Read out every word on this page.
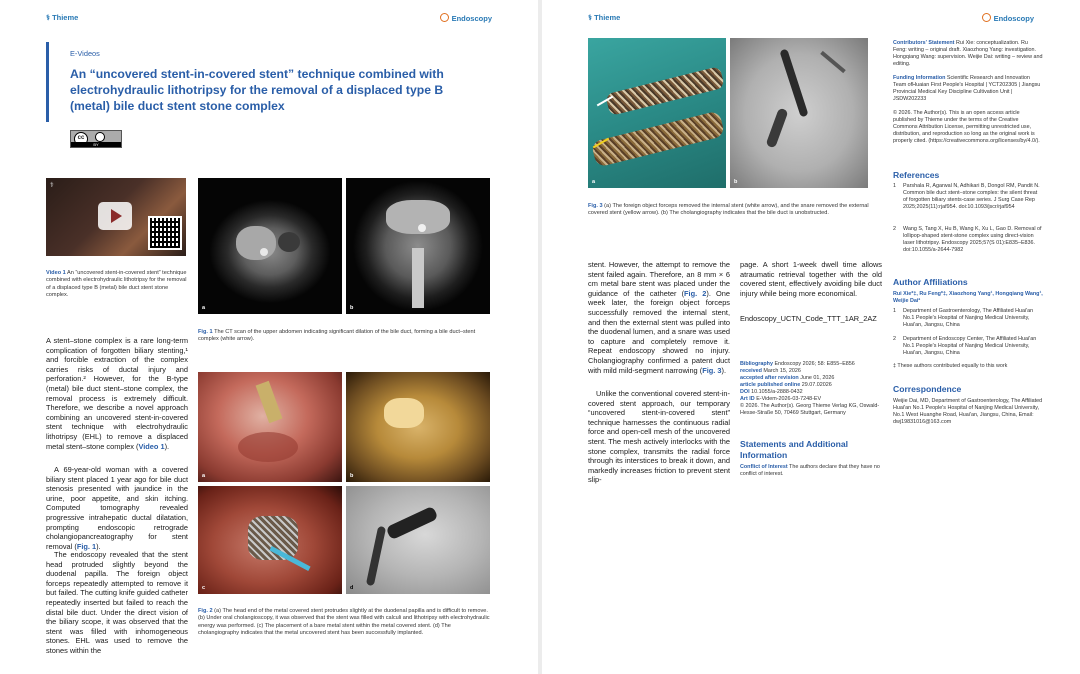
⚕ Thieme	Endoscopy
E-Videos
An “uncovered stent-in-covered stent” technique combined with electrohydraulic lithotripsy for the removal of a displaced type B (metal) bile duct stent stone complex
cc
BY
⚕
Video 1 An “uncovered stent-in-covered stent” technique combined with electrohydraulic lithotripsy for the removal of a displaced type B (metal) bile duct stent stone complex.
a	b
Fig. 1 The CT scan of the upper abdomen indicating significant dilation of the bile duct, forming a bile duct–stent complex (white arrow).
a	b
c	d
Fig. 2 (a) The head end of the metal covered stent protrudes slightly at the duodenal papilla and is difficult to remove. (b) Under oral cholangioscopy, it was observed that the stent was filled with calculi and lithotripsy with electrohydraulic energy was performed. (c) The placement of a bare metal stent within the metal covered stent. (d) The cholangiography indicates that the metal uncovered stent has been successfully implanted.
A stent–stone complex is a rare long-term complication of forgotten biliary stenting,¹ and forcible extraction of the complex carries risks of ductal injury and perforation.² However, for the B-type (metal) bile duct stent–stone complex, the removal process is extremely difficult. Therefore, we describe a novel approach combining an uncovered stent-in-covered stent technique with electrohydraulic lithotripsy (EHL) to remove a displaced metal stent–stone complex (Video 1).
A 69-year-old woman with a covered biliary stent placed 1 year ago for bile duct stenosis presented with jaundice in the urine, poor appetite, and skin itching. Computed tomography revealed progressive intrahepatic ductal dilatation, prompting endoscopic retrograde cholangiopancreatography for stent removal (Fig. 1).
The endoscopy revealed that the stent head protruded slightly beyond the duodenal papilla. The foreign object forceps repeatedly attempted to remove it but failed. The cutting knife guided catheter repeatedly inserted but failed to reach the distal bile duct. Under the direct vision of the biliary scope, it was observed that the stent was filled with inhomogeneous stones. EHL was used to remove the stones within the
⚕ Thieme	Endoscopy
a	b
Fig. 3 (a) The foreign object forceps removed the internal stent (white arrow), and the snare removed the external covered stent (yellow arrow). (b) The cholangiography indicates that the bile duct is unobstructed.
stent. However, the attempt to remove the stent failed again. Therefore, an 8 mm × 6 cm metal bare stent was placed under the guidance of the catheter (Fig. 2). One week later, the foreign object forceps successfully removed the internal stent, and then the external stent was pulled into the duodenal lumen, and a snare was used to capture and completely remove it. Repeat endoscopy showed no injury. Cholangiography confirmed a patent duct with mild mild-segment narrowing (Fig. 3).
Unlike the conventional covered stent-in-covered stent approach, our temporary “uncovered stent-in-covered stent” technique harnesses the continuous radial force and open-cell mesh of the uncovered stent. The mesh actively interlocks with the stone complex, transmits the radial force through its interstices to break it down, and markedly increases friction to prevent stent slip-
page. A short 1-week dwell time allows atraumatic retrieval together with the old covered stent, effectively avoiding bile duct injury while being more economical.
Endoscopy_UCTN_Code_TTT_1AR_2AZ
Bibliography Endoscopy 2026; 58: E855–E856
received March 15, 2026
accepted after revision June 01, 2026
article published online 29.07.02026
DOI 10.1055/a-2888-0432
Art ID E-Videm-2026-03-7248-EV
© 2026. The Author(s). Georg Thieme Verlag KG, Oswald-Hesse-Straße 50, 70469 Stuttgart, Germany
Statements and Additional Information
Conflict of Interest The authors declare that they have no conflict of interest.
Contributors' Statement Rui Xie: conceptualization. Ru Feng: writing – original draft. Xiaozhong Yang: investigation. Hongqiang Wang: supervision. Weijie Dai: writing – review and editing.
Funding Information Scientific Research and Innovation Team ofHuaian First People's Hospital | YCT202305 | Jiangsu Provincial Medical Key Discipline Cultivation Unit | JSDW202233
© 2026. The Author(s). This is an open access article published by Thieme under the terms of the Creative Commons Attribution License, permitting unrestricted use, distribution, and reproduction so long as the original work is properly cited. (https://creativecommons.org/licenses/by/4.0/).
References
1 Parshala R, Agarwal N, Adhikari B, Dongol RM, Pandit N. Common bile duct stent–stone complex: the silent threat of forgotten biliary stents-case series. J Surg Case Rep 2025;2025(11):rjaf954. doi:10.1093/jscr/rjaf954
2 Wang S, Tang X, Hu B, Wang K, Xu L, Gao D. Removal of lollipop-shaped stent-stone complex using direct-vision laser lithotripsy. Endoscopy 2025;57(S 01):E835–E836. doi:10.1055/a-2644-7982
Author Affiliations
Rui Xie*‡, Ru Feng*‡, Xiaozhong Yang¹, Hongqiang Wang¹, Weijie Dai²
1 Department of Gastroenterology, The Affiliated Huai'an No.1 People's Hospital of Nanjing Medical University, Huai'an, Jiangsu, China
2 Department of Endoscopy Center, The Affiliated Huai'an No.1 People's Hospital of Nanjing Medical University, Huai'an, Jiangsu, China
‡ These authors contributed equally to this work
Correspondence
Weijie Dai, MD, Department of Gastroenterology, The Affiliated Huai'an No.1 People's Hospital of Nanjing Medical University, No.1 West Huanghe Road, Huai'an, Jiangsu, China, Email: dwj19831016@163.com
